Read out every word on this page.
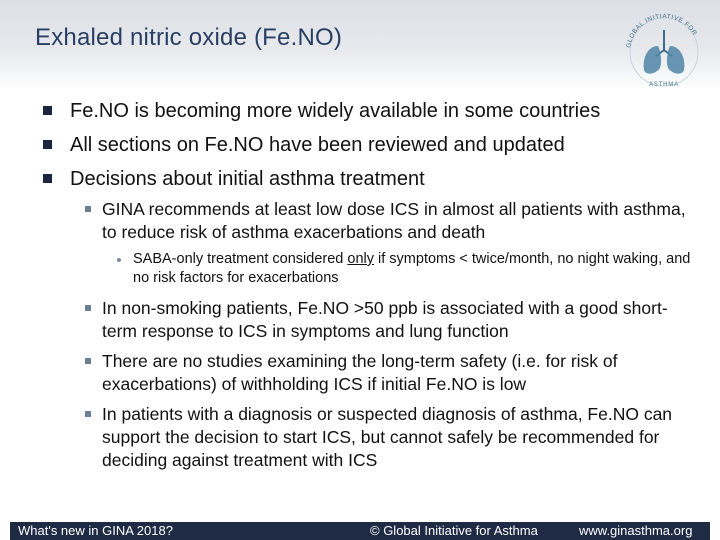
Exhaled nitric oxide (Fe.NO)	GLOBAL INITIATIVE FOR
ASTHMA
Fe.NO is becoming more widely available in some countries
All sections on Fe.NO have been reviewed and updated
Decisions about initial asthma treatment
GINA recommends at least low dose ICS in almost all patients with asthma, to reduce risk of asthma exacerbations and death
SABA-only treatment considered only if symptoms < twice/month, no night waking, and no risk factors for exacerbations
In non-smoking patients, Fe.NO >50 ppb is associated with a good short-term response to ICS in symptoms and lung function
There are no studies examining the long-term safety (i.e. for risk of exacerbations) of withholding ICS if initial Fe.NO is low
In patients with a diagnosis or suspected diagnosis of asthma, Fe.NO can support the decision to start ICS, but cannot safely be recommended for deciding against treatment with ICS
What's new in GINA 2018?	© Global Initiative for Asthma	www.ginasthma.org
